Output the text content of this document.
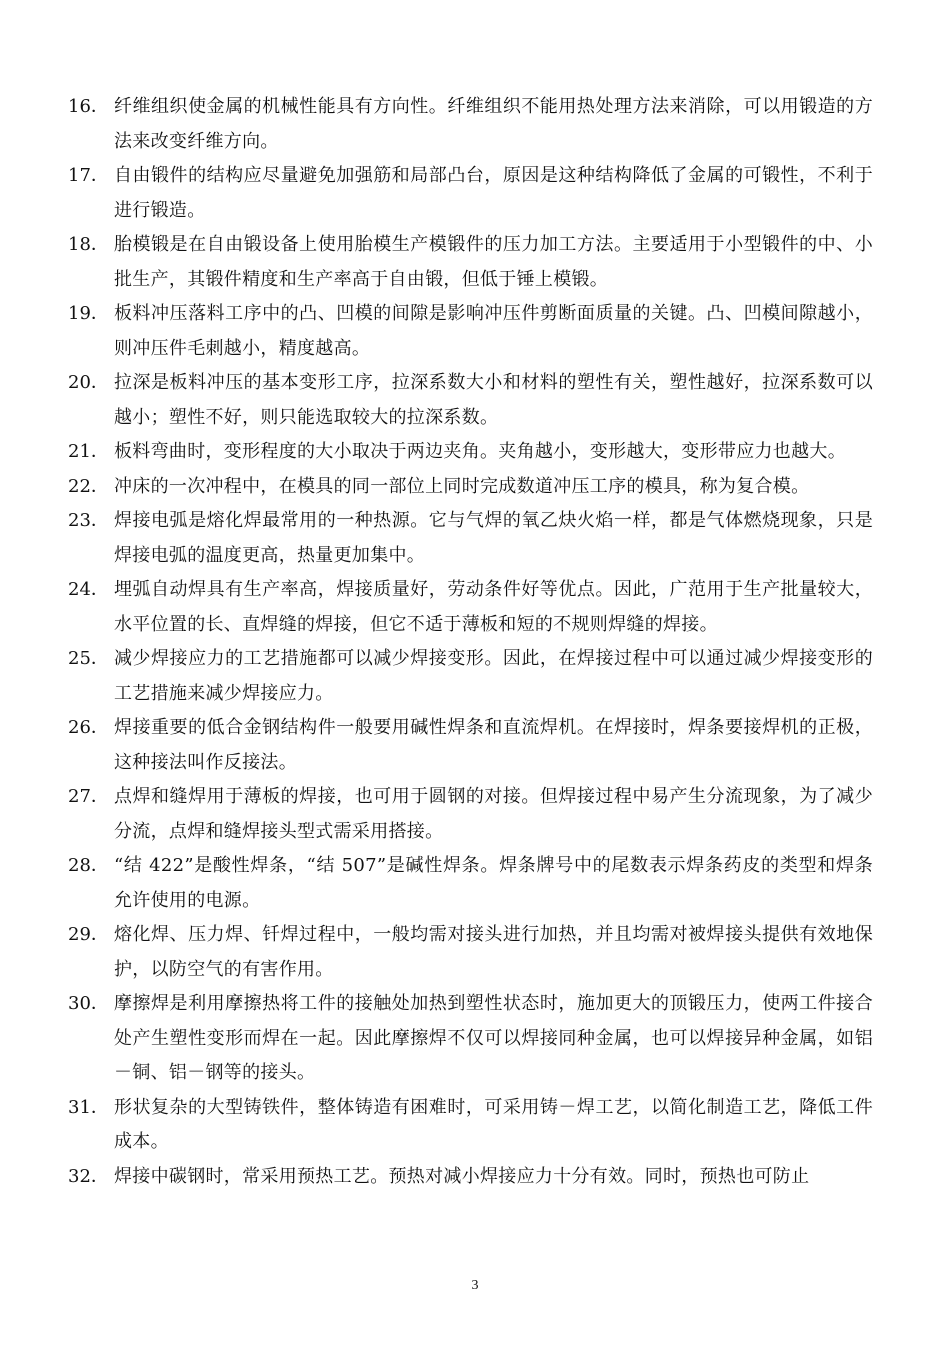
16． 纤维组织使金属的机械性能具有方向性。纤维组织不能用热处理方法来消除，可以用锻造的方法来改变纤维方向。
17． 自由锻件的结构应尽量避免加强筋和局部凸台，原因是这种结构降低了金属的可锻性，不利于进行锻造。
18． 胎模锻是在自由锻设备上使用胎模生产模锻件的压力加工方法。主要适用于小型锻件的中、小批生产，其锻件精度和生产率高于自由锻，但低于锤上模锻。
19． 板料冲压落料工序中的凸、凹模的间隙是影响冲压件剪断面质量的关键。凸、凹模间隙越小，则冲压件毛刺越小，精度越高。
20． 拉深是板料冲压的基本变形工序，拉深系数大小和材料的塑性有关，塑性越好，拉深系数可以越小；塑性不好，则只能选取较大的拉深系数。
21． 板料弯曲时，变形程度的大小取决于两边夹角。夹角越小，变形越大，变形带应力也越大。
22． 冲床的一次冲程中，在模具的同一部位上同时完成数道冲压工序的模具，称为复合模。
23． 焊接电弧是熔化焊最常用的一种热源。它与气焊的氧乙炔火焰一样，都是气体燃烧现象，只是焊接电弧的温度更高，热量更加集中。
24． 埋弧自动焊具有生产率高，焊接质量好，劳动条件好等优点。因此，广范用于生产批量较大，水平位置的长、直焊缝的焊接，但它不适于薄板和短的不规则焊缝的焊接。
25． 减少焊接应力的工艺措施都可以减少焊接变形。因此，在焊接过程中可以通过减少焊接变形的工艺措施来减少焊接应力。
26． 焊接重要的低合金钢结构件一般要用碱性焊条和直流焊机。在焊接时，焊条要接焊机的正极，这种接法叫作反接法。
27． 点焊和缝焊用于薄板的焊接，也可用于圆钢的对接。但焊接过程中易产生分流现象，为了减少分流，点焊和缝焊接头型式需采用搭接。
28． “结 422”是酸性焊条，“结 507”是碱性焊条。焊条牌号中的尾数表示焊条药皮的类型和焊条允许使用的电源。
29． 熔化焊、压力焊、钎焊过程中，一般均需对接头进行加热，并且均需对被焊接头提供有效地保护，以防空气的有害作用。
30． 摩擦焊是利用摩擦热将工件的接触处加热到塑性状态时，施加更大的顶锻压力，使两工件接合处产生塑性变形而焊在一起。因此摩擦焊不仅可以焊接同种金属，也可以焊接异种金属，如铝－铜、铝－钢等的接头。
31． 形状复杂的大型铸铁件，整体铸造有困难时，可采用铸－焊工艺，以简化制造工艺，降低工件成本。
32． 焊接中碳钢时，常采用预热工艺。预热对减小焊接应力十分有效。同时，预热也可防止
3
